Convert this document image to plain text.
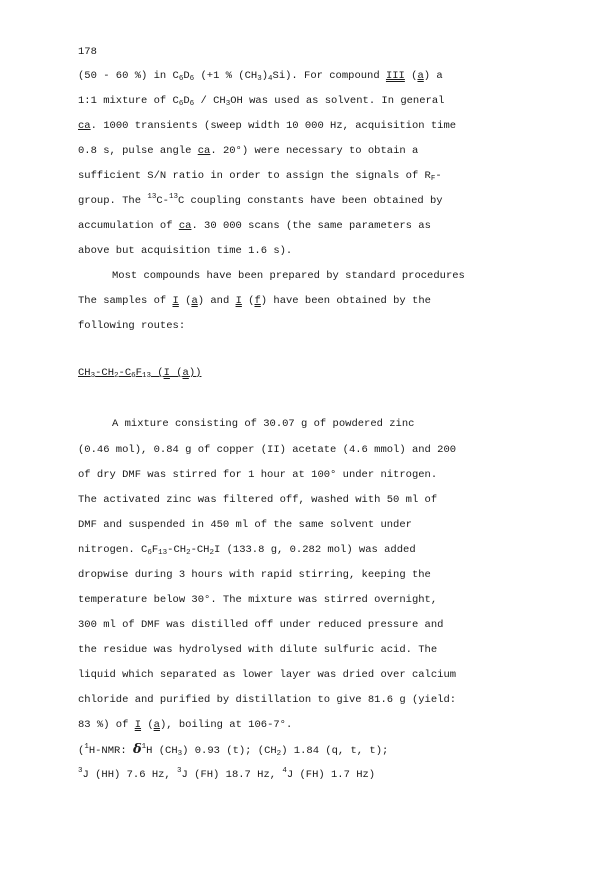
178
(50 - 60 %) in $C_6D_6$ (+1 % $(CH_3)_4Si$). For compound III (a) a
1:1 mixture of $C_6D_6 / CH_3OH$ was used as solvent. In general
ca. 1000 transients (sweep width 10 000 Hz, acquisition time
0.8 s, pulse angle ca. 20°) were necessary to obtain a
sufficient S/N ratio in order to assign the signals of $R_F-$
group. The $^{13}$C-$^{13}$C coupling constants have been obtained by
accumulation of ca. 30 000 scans (the same parameters as
above but acquisition time 1.6 s).
Most compounds have been prepared by standard procedures
The samples of I (a) and I (f) have been obtained by the
following routes:
$CH_3-CH_2-C_6F_{13}$ (I (a))
A mixture consisting of 30.07 g of powdered zinc
(0.46 mol), 0.84 g of copper (II) acetate (4.6 mmol) and 200
of dry DMF was stirred for 1 hour at 100° under nitrogen.
The activated zinc was filtered off, washed with 50 ml of
DMF and suspended in 450 ml of the same solvent under
nitrogen. $C_6F_{13}-CH_2-CH_2I$ (133.8 g, 0.282 mol) was added
dropwise during 3 hours with rapid stirring, keeping the
temperature below 30°. The mixture was stirred overnight,
300 ml of DMF was distilled off under reduced pressure and
the residue was hydrolysed with dilute sulfuric acid. The
liquid which separated as lower layer was dried over calcium
chloride and purified by distillation to give 81.6 g (yield:
83 %) of I (a), boiling at 106-7°.
($^1$H-NMR: $\delta^1H$ $(CH_3)$ 0.93 (t); $(CH_2)$ 1.84 (q, t, t);
$^3$J (HH) 7.6 Hz, $^3$J (FH) 18.7 Hz, $^4$J (FH) 1.7 Hz)
